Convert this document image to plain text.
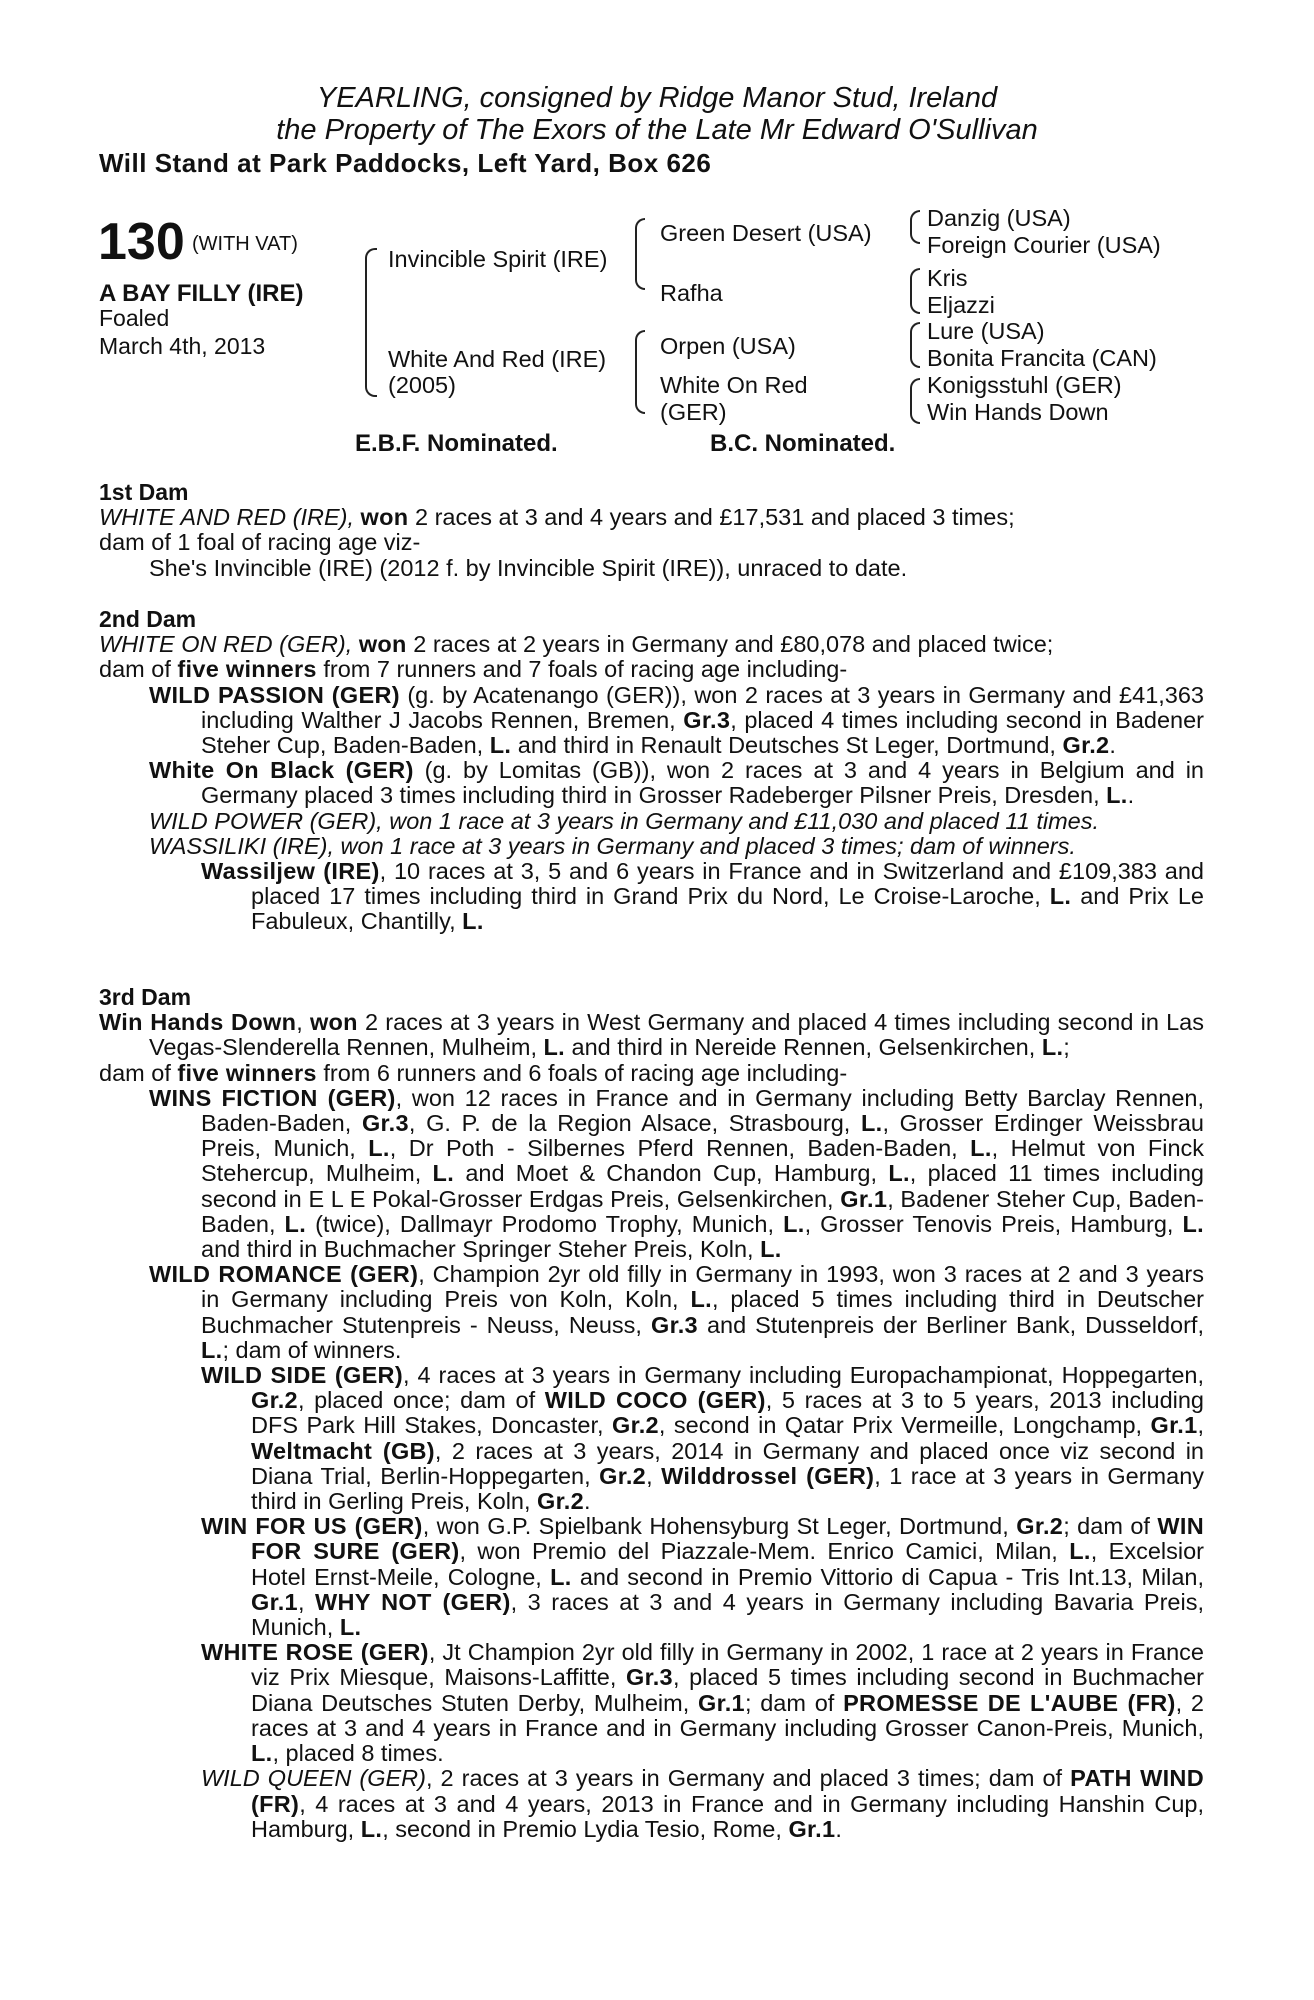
YEARLING, consigned by Ridge Manor Stud, Ireland
the Property of The Exors of the Late Mr Edward O'Sullivan
Will Stand at Park Paddocks, Left Yard, Box 626
130 (WITH VAT)
A BAY FILLY (IRE)
Foaled
March 4th, 2013
Invincible Spirit (IRE)
White And Red (IRE)
(2005)
Green Desert (USA)
Rafha
Orpen (USA)
White On Red
(GER)
Danzig (USA)
Foreign Courier (USA)
Kris
Eljazzi
Lure (USA)
Bonita Francita (CAN)
Konigsstuhl (GER)
Win Hands Down
E.B.F. Nominated.	B.C. Nominated.
1st Dam
WHITE AND RED (IRE), won 2 races at 3 and 4 years and £17,531 and placed 3 times;
dam of 1 foal of racing age viz-
She's Invincible (IRE) (2012 f. by Invincible Spirit (IRE)), unraced to date.
2nd Dam
WHITE ON RED (GER), won 2 races at 2 years in Germany and £80,078 and placed twice;
dam of five winners from 7 runners and 7 foals of racing age including-
WILD PASSION (GER) (g. by Acatenango (GER)), won 2 races at 3 years in Germany and £41,363 including Walther J Jacobs Rennen, Bremen, Gr.3, placed 4 times including second in Badener Steher Cup, Baden-Baden, L. and third in Renault Deutsches St Leger, Dortmund, Gr.2.
White On Black (GER) (g. by Lomitas (GB)), won 2 races at 3 and 4 years in Belgium and in Germany placed 3 times including third in Grosser Radeberger Pilsner Preis, Dresden, L..
WILD POWER (GER), won 1 race at 3 years in Germany and £11,030 and placed 11 times.
WASSILIKI (IRE), won 1 race at 3 years in Germany and placed 3 times; dam of winners.
Wassiljew (IRE), 10 races at 3, 5 and 6 years in France and in Switzerland and £109,383 and placed 17 times including third in Grand Prix du Nord, Le Croise-Laroche, L. and Prix Le Fabuleux, Chantilly, L.
3rd Dam
Win Hands Down, won 2 races at 3 years in West Germany and placed 4 times including second in Las Vegas-Slenderella Rennen, Mulheim, L. and third in Nereide Rennen, Gelsenkirchen, L.;
dam of five winners from 6 runners and 6 foals of racing age including-
WINS FICTION (GER), won 12 races in France and in Germany including Betty Barclay Rennen, Baden-Baden, Gr.3, G. P. de la Region Alsace, Strasbourg, L., Grosser Erdinger Weissbrau Preis, Munich, L., Dr Poth - Silbernes Pferd Rennen, Baden-Baden, L., Helmut von Finck Stehercup, Mulheim, L. and Moet & Chandon Cup, Hamburg, L., placed 11 times including second in E L E Pokal-Grosser Erdgas Preis, Gelsenkirchen, Gr.1, Badener Steher Cup, Baden-Baden, L. (twice), Dallmayr Prodomo Trophy, Munich, L., Grosser Tenovis Preis, Hamburg, L. and third in Buchmacher Springer Steher Preis, Koln, L.
WILD ROMANCE (GER), Champion 2yr old filly in Germany in 1993, won 3 races at 2 and 3 years in Germany including Preis von Koln, Koln, L., placed 5 times including third in Deutscher Buchmacher Stutenpreis - Neuss, Neuss, Gr.3 and Stutenpreis der Berliner Bank, Dusseldorf, L.; dam of winners.
WILD SIDE (GER), 4 races at 3 years in Germany including Europachampionat, Hoppegarten, Gr.2, placed once; dam of WILD COCO (GER), 5 races at 3 to 5 years, 2013 including DFS Park Hill Stakes, Doncaster, Gr.2, second in Qatar Prix Vermeille, Longchamp, Gr.1, Weltmacht (GB), 2 races at 3 years, 2014 in Germany and placed once viz second in Diana Trial, Berlin-Hoppegarten, Gr.2, Wilddrossel (GER), 1 race at 3 years in Germany third in Gerling Preis, Koln, Gr.2.
WIN FOR US (GER), won G.P. Spielbank Hohensyburg St Leger, Dortmund, Gr.2; dam of WIN FOR SURE (GER), won Premio del Piazzale-Mem. Enrico Camici, Milan, L., Excelsior Hotel Ernst-Meile, Cologne, L. and second in Premio Vittorio di Capua - Tris Int.13, Milan, Gr.1, WHY NOT (GER), 3 races at 3 and 4 years in Germany including Bavaria Preis, Munich, L.
WHITE ROSE (GER), Jt Champion 2yr old filly in Germany in 2002, 1 race at 2 years in France viz Prix Miesque, Maisons-Laffitte, Gr.3, placed 5 times including second in Buchmacher Diana Deutsches Stuten Derby, Mulheim, Gr.1; dam of PROMESSE DE L'AUBE (FR), 2 races at 3 and 4 years in France and in Germany including Grosser Canon-Preis, Munich, L., placed 8 times.
WILD QUEEN (GER), 2 races at 3 years in Germany and placed 3 times; dam of PATH WIND (FR), 4 races at 3 and 4 years, 2013 in France and in Germany including Hanshin Cup, Hamburg, L., second in Premio Lydia Tesio, Rome, Gr.1.
